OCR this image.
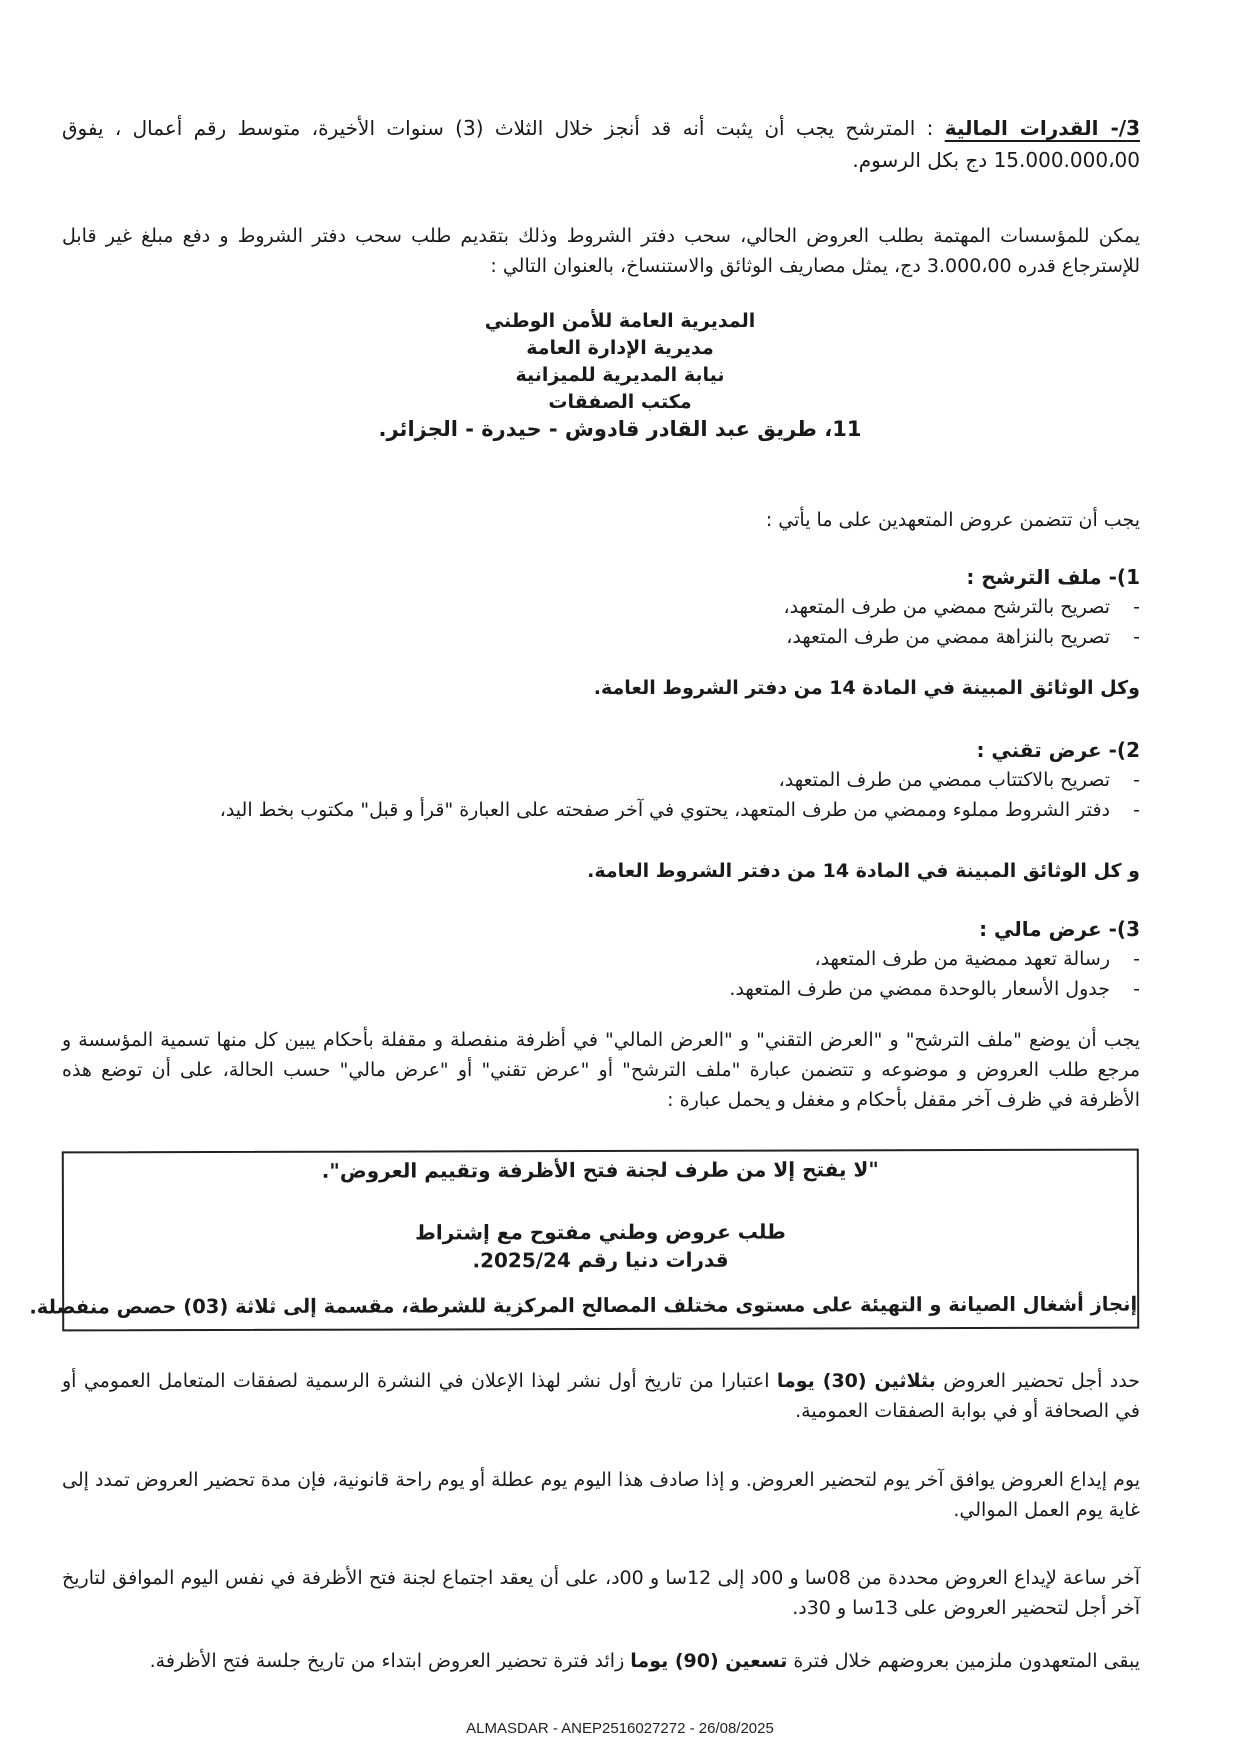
3/- القدرات المالية : المترشح يجب أن يثبت أنه قد أنجز خلال الثلاث (3) سنوات الأخيرة، متوسط رقم أعمال ، يفوق 15.000.000،00 دج بكل الرسوم.
يمكن للمؤسسات المهتمة بطلب العروض الحالي، سحب دفتر الشروط وذلك بتقديم طلب سحب دفتر الشروط و دفع مبلغ غير قابل للإسترجاع قدره 3.000،00 دج، يمثل مصاريف الوثائق والاستنساخ، بالعنوان التالي :
المديرية العامة للأمن الوطني
مديرية الإدارة العامة
نيابة المديرية للميزانية
مكتب الصفقات
11، طريق عبد القادر قادوش - حيدرة - الجزائر.
يجب أن تتضمن عروض المتعهدين على ما يأتي :
1)- ملف الترشح :
- تصريح بالترشح ممضي من طرف المتعهد،
- تصريح بالنزاهة ممضي من طرف المتعهد،
وكل الوثائق المبينة في المادة 14 من دفتر الشروط العامة.
2)- عرض تقني :
- تصريح بالاكتتاب ممضي من طرف المتعهد،
- دفتر الشروط مملوء وممضي من طرف المتعهد، يحتوي في آخر صفحته على العبارة "قرأ و قبل" مكتوب بخط اليد،
و كل الوثائق المبينة في المادة 14 من دفتر الشروط العامة.
3)- عرض مالي :
- رسالة تعهد ممضية من طرف المتعهد،
- جدول الأسعار بالوحدة ممضي من طرف المتعهد.
يجب أن يوضع "ملف الترشح" و "العرض التقني" و "العرض المالي" في أظرفة منفصلة و مقفلة بأحكام يبين كل منها تسمية المؤسسة و مرجع طلب العروض و موضوعه و تتضمن عبارة "ملف الترشح" أو "عرض تقني" أو "عرض مالي" حسب الحالة، على أن توضع هذه الأظرفة في ظرف آخر مقفل بأحكام و مغفل و يحمل عبارة :
"لا يفتح إلا من طرف لجنة فتح الأظرفة وتقييم العروض".
طلب عروض وطني مفتوح مع إشتراط
قدرات دنيا رقم 2025/24.
إنجاز أشغال الصيانة و التهيئة على مستوى مختلف المصالح المركزية للشرطة، مقسمة إلى ثلاثة (03) حصص منفصلة.
حدد أجل تحضير العروض بثلاثين (30) يوما اعتبارا من تاريخ أول نشر لهذا الإعلان في النشرة الرسمية لصفقات المتعامل العمومي أو في الصحافة أو في بوابة الصفقات العمومية.
يوم إيداع العروض يوافق آخر يوم لتحضير العروض. و إذا صادف هذا اليوم يوم عطلة أو يوم راحة قانونية، فإن مدة تحضير العروض تمدد إلى غاية يوم العمل الموالي.
آخر ساعة لإيداع العروض محددة من 08سا و 00د إلى 12سا و 00د، على أن يعقد اجتماع لجنة فتح الأظرفة في نفس اليوم الموافق لتاريخ آخر أجل لتحضير العروض على 13سا و 30د.
يبقى المتعهدون ملزمين بعروضهم خلال فترة تسعين (90) يوما زائد فترة تحضير العروض ابتداء من تاريخ جلسة فتح الأظرفة.
ALMASDAR - ANEP2516027272 - 26/08/2025
